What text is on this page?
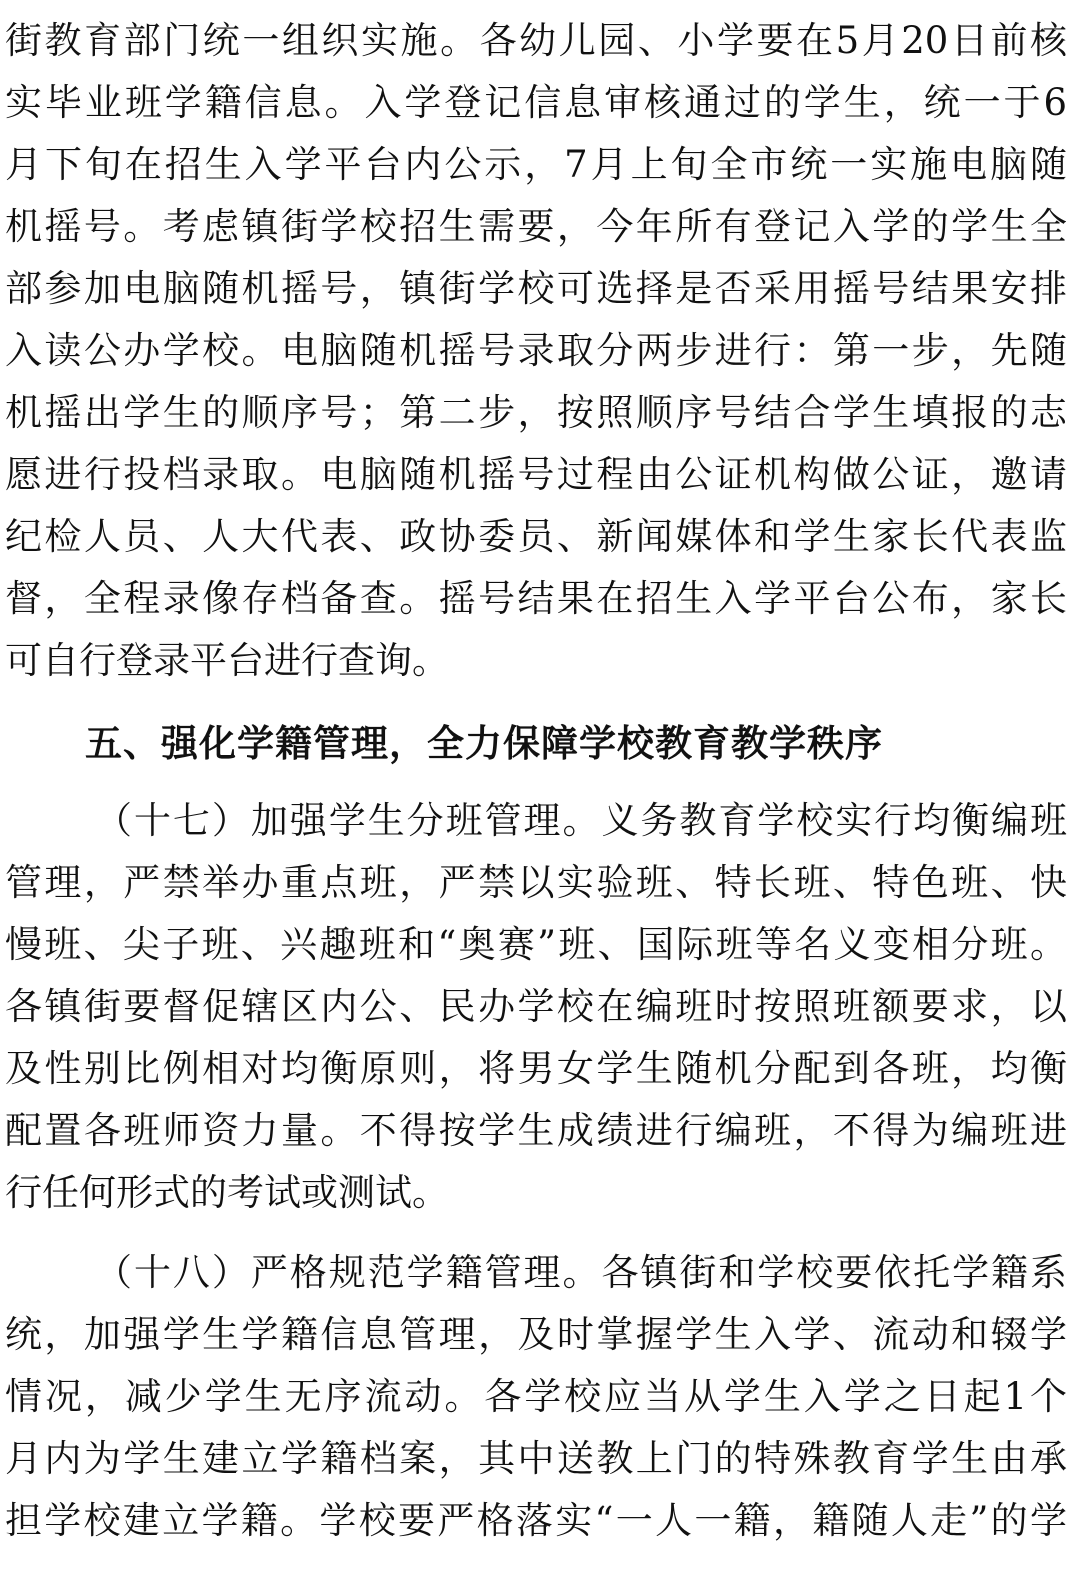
街教育部门统一组织实施。各幼儿园、小学要在5月20日前核
实毕业班学籍信息。入学登记信息审核通过的学生，统一于6
月下旬在招生入学平台内公示，7月上旬全市统一实施电脑随
机摇号。考虑镇街学校招生需要，今年所有登记入学的学生全
部参加电脑随机摇号，镇街学校可选择是否采用摇号结果安排
入读公办学校。电脑随机摇号录取分两步进行：第一步，先随
机摇出学生的顺序号；第二步，按照顺序号结合学生填报的志
愿进行投档录取。电脑随机摇号过程由公证机构做公证，邀请
纪检人员、人大代表、政协委员、新闻媒体和学生家长代表监
督，全程录像存档备查。摇号结果在招生入学平台公布，家长
可自行登录平台进行查询。
五、强化学籍管理，全力保障学校教育教学秩序
（十七）加强学生分班管理。义务教育学校实行均衡编班
管理，严禁举办重点班，严禁以实验班、特长班、特色班、快
慢班、尖子班、兴趣班和“奥赛”班、国际班等名义变相分班。
各镇街要督促辖区内公、民办学校在编班时按照班额要求，以
及性别比例相对均衡原则，将男女学生随机分配到各班，均衡
配置各班师资力量。不得按学生成绩进行编班，不得为编班进
行任何形式的考试或测试。
（十八）严格规范学籍管理。各镇街和学校要依托学籍系
统，加强学生学籍信息管理，及时掌握学生入学、流动和辍学
情况，减少学生无序流动。各学校应当从学生入学之日起1个
月内为学生建立学籍档案，其中送教上门的特殊教育学生由承
担学校建立学籍。学校要严格落实“一人一籍，籍随人走”的学
